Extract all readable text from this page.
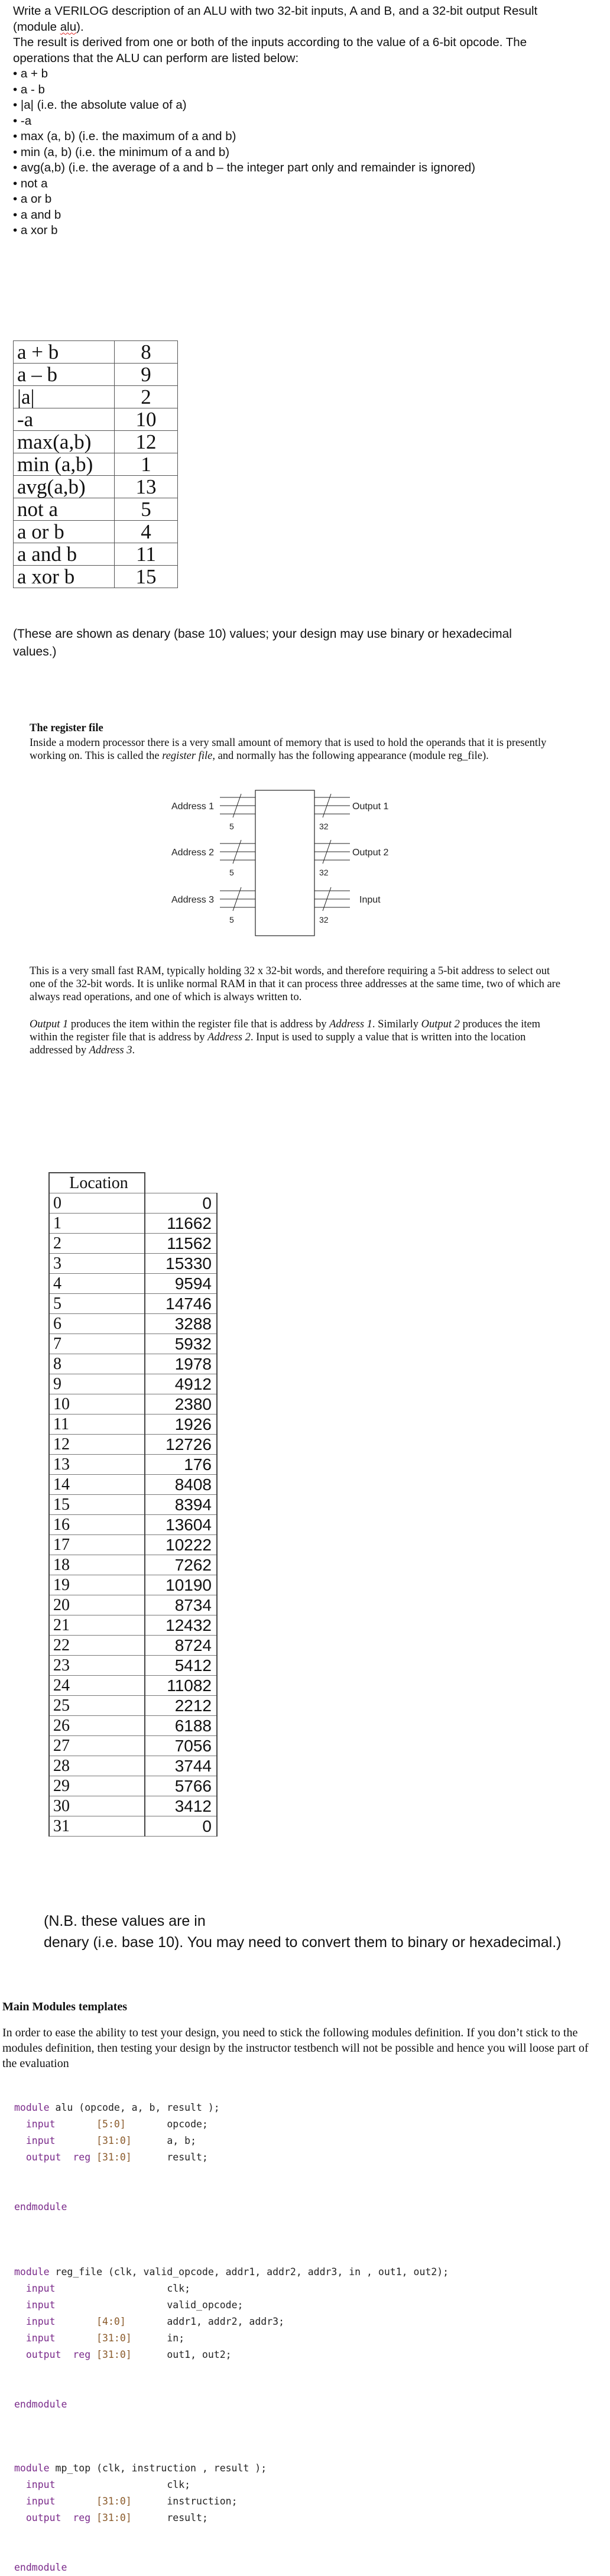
Write a VERILOG description of an ALU with two 32-bit inputs, A and B, and a 32-bit output Result
(module alu).
The result is derived from one or both of the inputs according to the value of a 6-bit opcode. The
operations that the ALU can perform are listed below:
• a + b
• a - b
• |a| (i.e. the absolute value of a)
• -a
• max (a, b) (i.e. the maximum of a and b)
• min (a, b) (i.e. the minimum of a and b)
• avg(a,b) (i.e. the average of a and b – the integer part only and remainder is ignored)
• not a
• a or b
• a and b
• a xor b
a + b	8
a – b	9
|a|	2
-a	10
max(a,b)	12
min (a,b)	1
avg(a,b)	13
not a	5
a or b	4
a and b	11
a xor b	15
(These are shown as denary (base 10) values; your design may use binary or hexadecimal values.)
The register file
Inside a modern processor there is a very small amount of memory that is used to hold the operands that it is presently working on. This is called the register file, and normally has the following appearance (module reg_file).
Address 1
5
Address 2
5
Address 3
5
Output 1
32
Output 2
32
Input
32
This is a very small fast RAM, typically holding 32 x 32-bit words, and therefore requiring a 5-bit address to select out one of the 32-bit words. It is unlike normal RAM in that it can process three addresses at the same time, two of which are always read operations, and one of which is always written to.
Output 1 produces the item within the register file that is address by Address 1. Similarly Output 2 produces the item within the register file that is address by Address 2. Input is used to supply a value that is written into the location addressed by Address 3.
Location	
0	0
1	11662
2	11562
3	15330
4	9594
5	14746
6	3288
7	5932
8	1978
9	4912
10	2380
11	1926
12	12726
13	176
14	8408
15	8394
16	13604
17	10222
18	7262
19	10190
20	8734
21	12432
22	8724
23	5412
24	11082
25	2212
26	6188
27	7056
28	3744
29	5766
30	3412
31	0
(N.B. these values are in
denary (i.e. base 10). You may need to convert them to binary or hexadecimal.)
Main Modules templates
In order to ease the ability to test your design, you need to stick the following modules definition. If you don’t stick to the modules definition, then testing your design by the instructor testbench will not be possible and hence you will loose part of the evaluation
module alu (opcode, a, b, result );
input	[5:0]	opcode;
input	[31:0]	a, b;
output reg [31:0]	result;

endmodule
module reg_file (clk, valid_opcode, addr1, addr2, addr3, in , out1, out2);
input	clk;
input	valid_opcode;
input	[4:0]	addr1, addr2, addr3;
input	[31:0]	in;
output reg [31:0]	out1, out2;

endmodule
module mp_top (clk, instruction , result );
input	clk;
input	[31:0]	instruction;
output reg [31:0]	result;

endmodule
